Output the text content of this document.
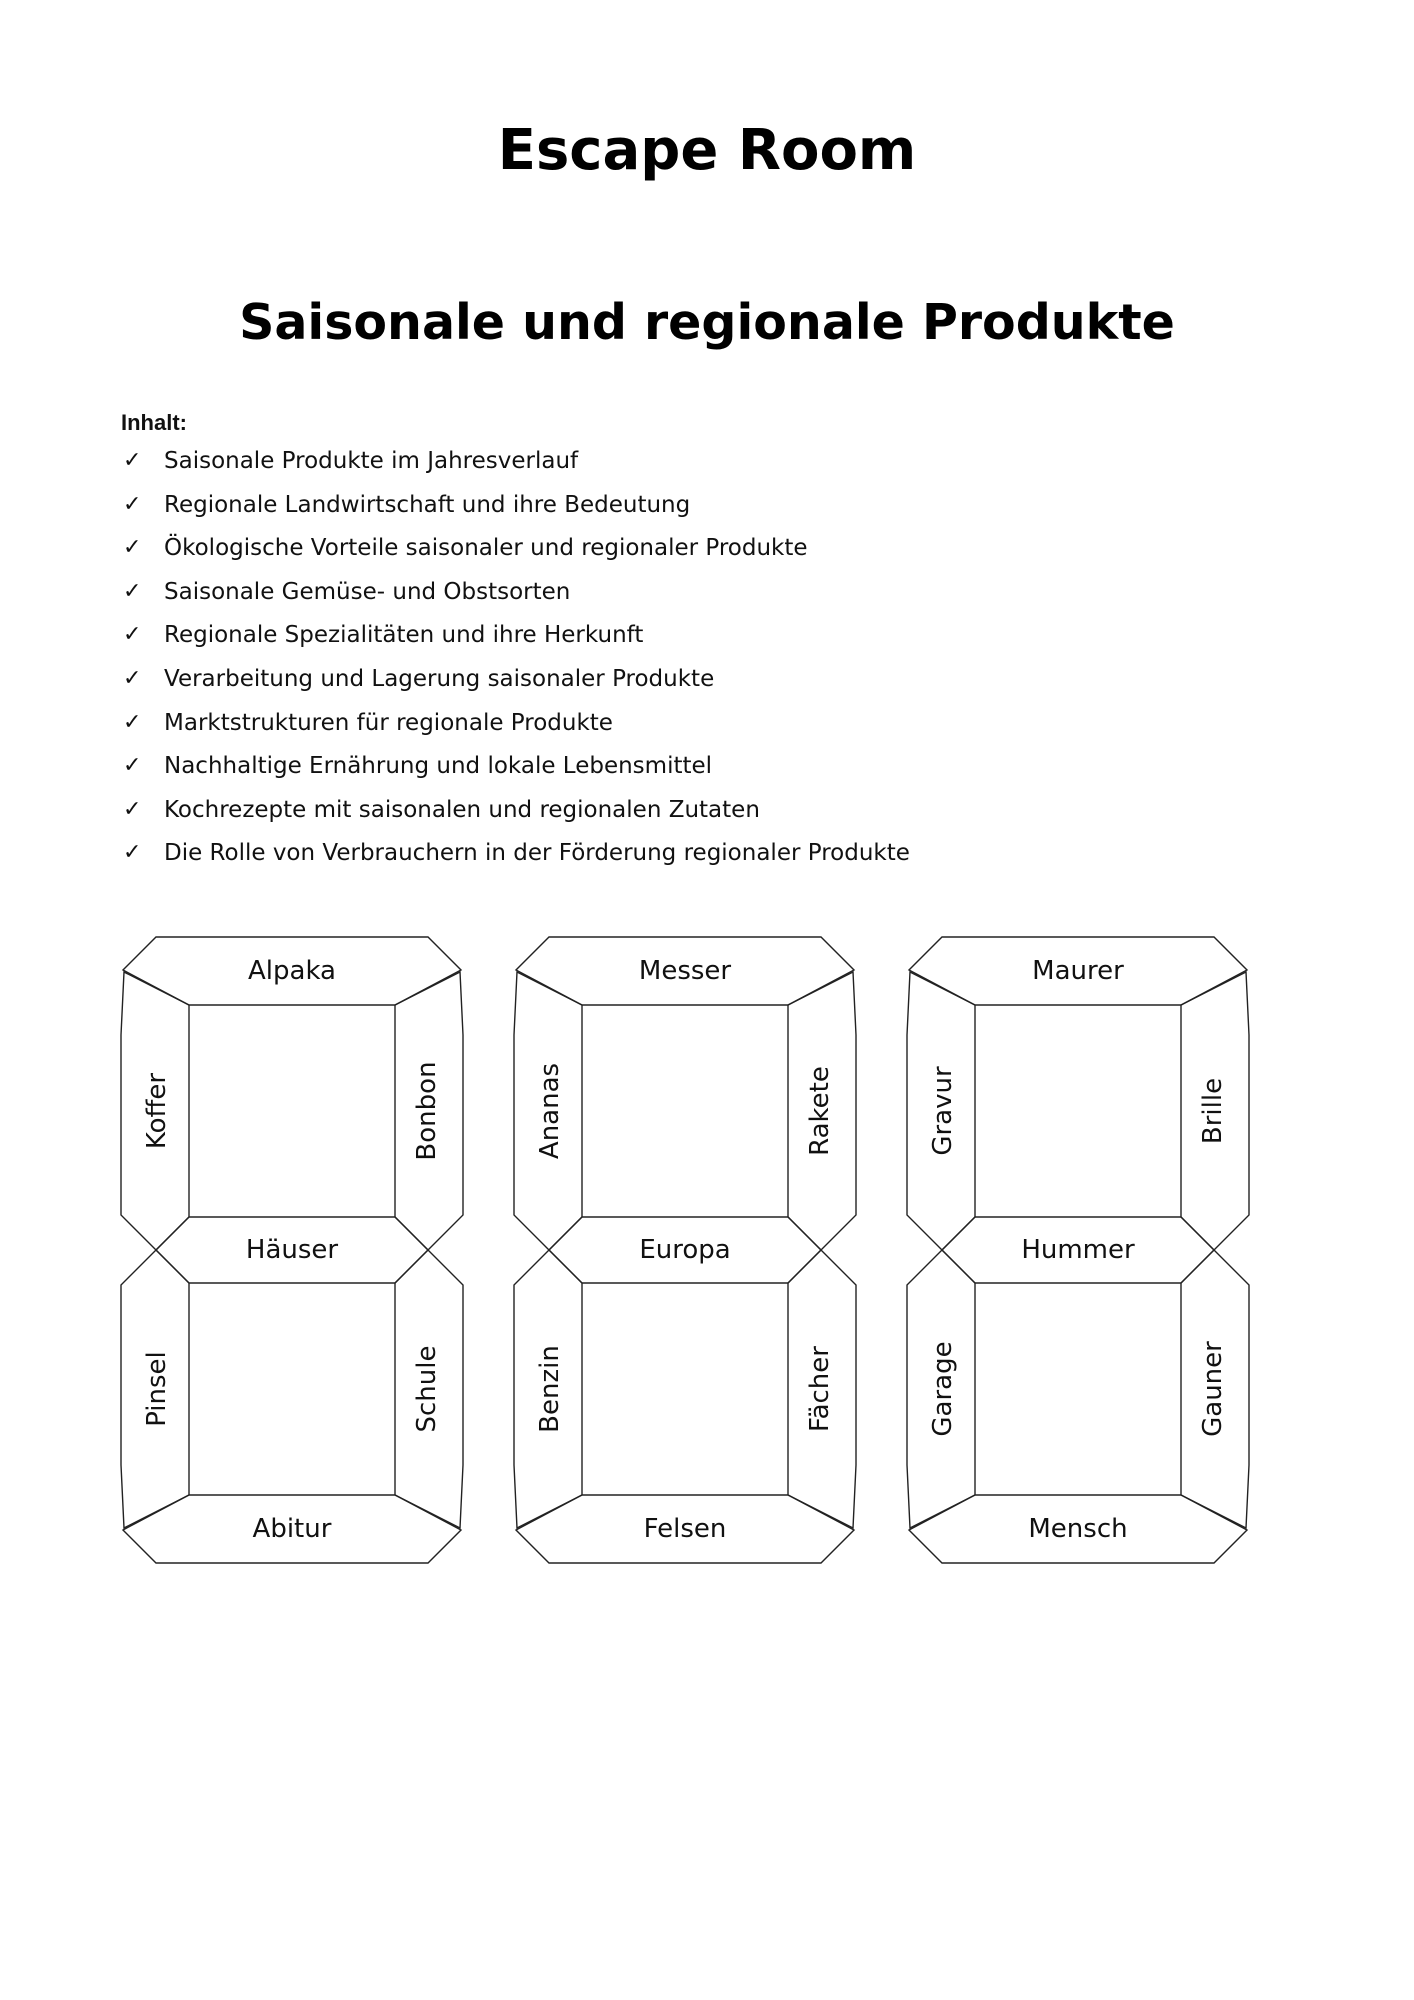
Escape Room
Saisonale und regionale Produkte
Inhalt:
✓ Saisonale Produkte im Jahresverlauf
✓ Regionale Landwirtschaft und ihre Bedeutung
✓ Ökologische Vorteile saisonaler und regionaler Produkte
✓ Saisonale Gemüse- und Obstsorten
✓ Regionale Spezialitäten und ihre Herkunft
✓ Verarbeitung und Lagerung saisonaler Produkte
✓ Marktstrukturen für regionale Produkte
✓ Nachhaltige Ernährung und lokale Lebensmittel
✓ Kochrezepte mit saisonalen und regionalen Zutaten
✓ Die Rolle von Verbrauchern in der Förderung regionaler Produkte
Alpaka
Häuser
Abitur
Koffer	Bonbon
Pinsel	Schule
Messer
Europa
Felsen
Ananas	Rakete
Benzin	Fächer
Maurer
Hummer
Mensch
Gravur	Brille
Garage	Gauner
